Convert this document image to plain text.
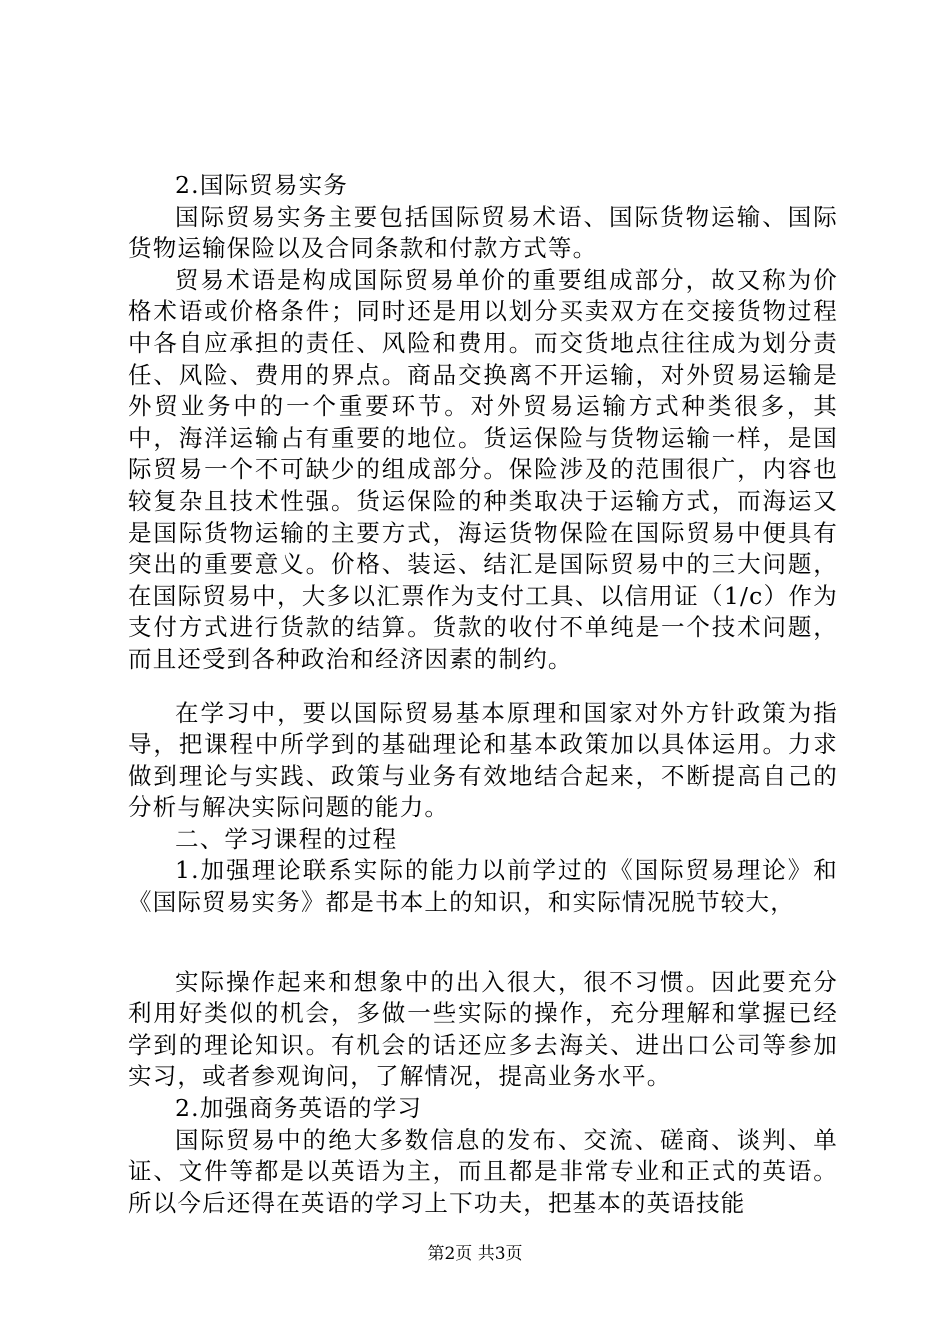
2.国际贸易实务

国际贸易实务主要包括国际贸易术语、国际货物运输、国际货物运输保险以及合同条款和付款方式等。

贸易术语是构成国际贸易单价的重要组成部分，故又称为价格术语或价格条件；同时还是用以划分买卖双方在交接货物过程中各自应承担的责任、风险和费用。而交货地点往往成为划分责任、风险、费用的界点。商品交换离不开运输，对外贸易运输是外贸业务中的一个重要环节。对外贸易运输方式种类很多，其中，海洋运输占有重要的地位。货运保险与货物运输一样，是国际贸易一个不可缺少的组成部分。保险涉及的范围很广，内容也较复杂且技术性强。货运保险的种类取决于运输方式，而海运又是国际货物运输的主要方式，海运货物保险在国际贸易中便具有突出的重要意义。价格、装运、结汇是国际贸易中的三大问题，在国际贸易中，大多以汇票作为支付工具、以信用证（1/c）作为支付方式进行货款的结算。货款的收付不单纯是一个技术问题，而且还受到各种政治和经济因素的制约。

在学习中，要以国际贸易基本原理和国家对外方针政策为指导，把课程中所学到的基础理论和基本政策加以具体运用。力求做到理论与实践、政策与业务有效地结合起来，不断提高自己的分析与解决实际问题的能力。

二、学习课程的过程

1.加强理论联系实际的能力以前学过的《国际贸易理论》和《国际贸易实务》都是书本上的知识，和实际情况脱节较大，

实际操作起来和想象中的出入很大，很不习惯。因此要充分利用好类似的机会，多做一些实际的操作，充分理解和掌握已经学到的理论知识。有机会的话还应多去海关、进出口公司等参加实习，或者参观询问，了解情况，提高业务水平。

2.加强商务英语的学习

国际贸易中的绝大多数信息的发布、交流、磋商、谈判、单证、文件等都是以英语为主，而且都是非常专业和正式的英语。所以今后还得在英语的学习上下功夫，把基本的英语技能

第2页 共3页
